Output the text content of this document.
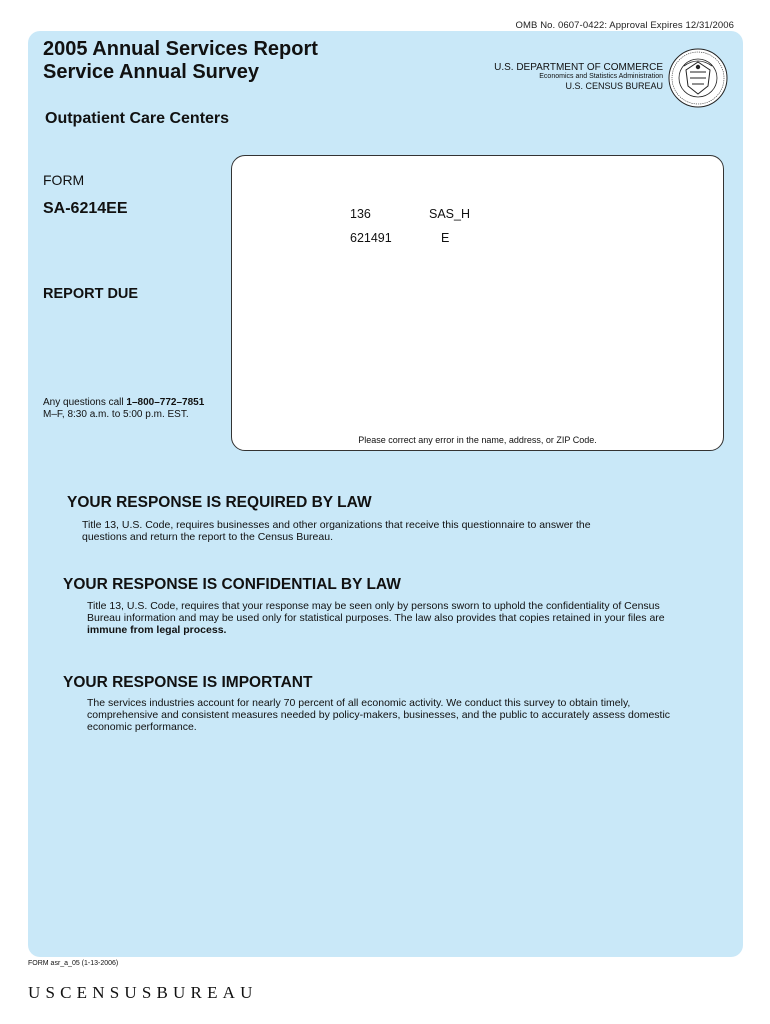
OMB No. 0607-0422: Approval Expires 12/31/2006
2005 Annual Services Report
Service Annual Survey	U.S. DEPARTMENT OF COMMERCE
Economics and Statistics Administration
U.S. CENSUS BUREAU
Outpatient Care Centers
FORM
SA-6214EE
REPORT DUE
Any questions call 1–800–772–7851
M–F, 8:30 a.m. to 5:00 p.m. EST.
136	SAS_H
621491	E
Please correct any error in the name, address, or ZIP Code.
YOUR RESPONSE IS REQUIRED BY LAW
Title 13, U.S. Code, requires businesses and other organizations that receive this questionnaire to answer the
questions and return the report to the Census Bureau.
YOUR RESPONSE IS CONFIDENTIAL BY LAW
Title 13, U.S. Code, requires that your response may be seen only by persons sworn to uphold the confidentiality of Census
Bureau information and may be used only for statistical purposes. The law also provides that copies retained in your files are
immune from legal process.
YOUR RESPONSE IS IMPORTANT
The services industries account for nearly 70 percent of all economic activity. We conduct this survey to obtain timely,
comprehensive and consistent measures needed by policy-makers, businesses, and the public to accurately assess domestic
economic performance.
FORM asr_a_05 (1-13-2006)
USCENSUSBUREAU
